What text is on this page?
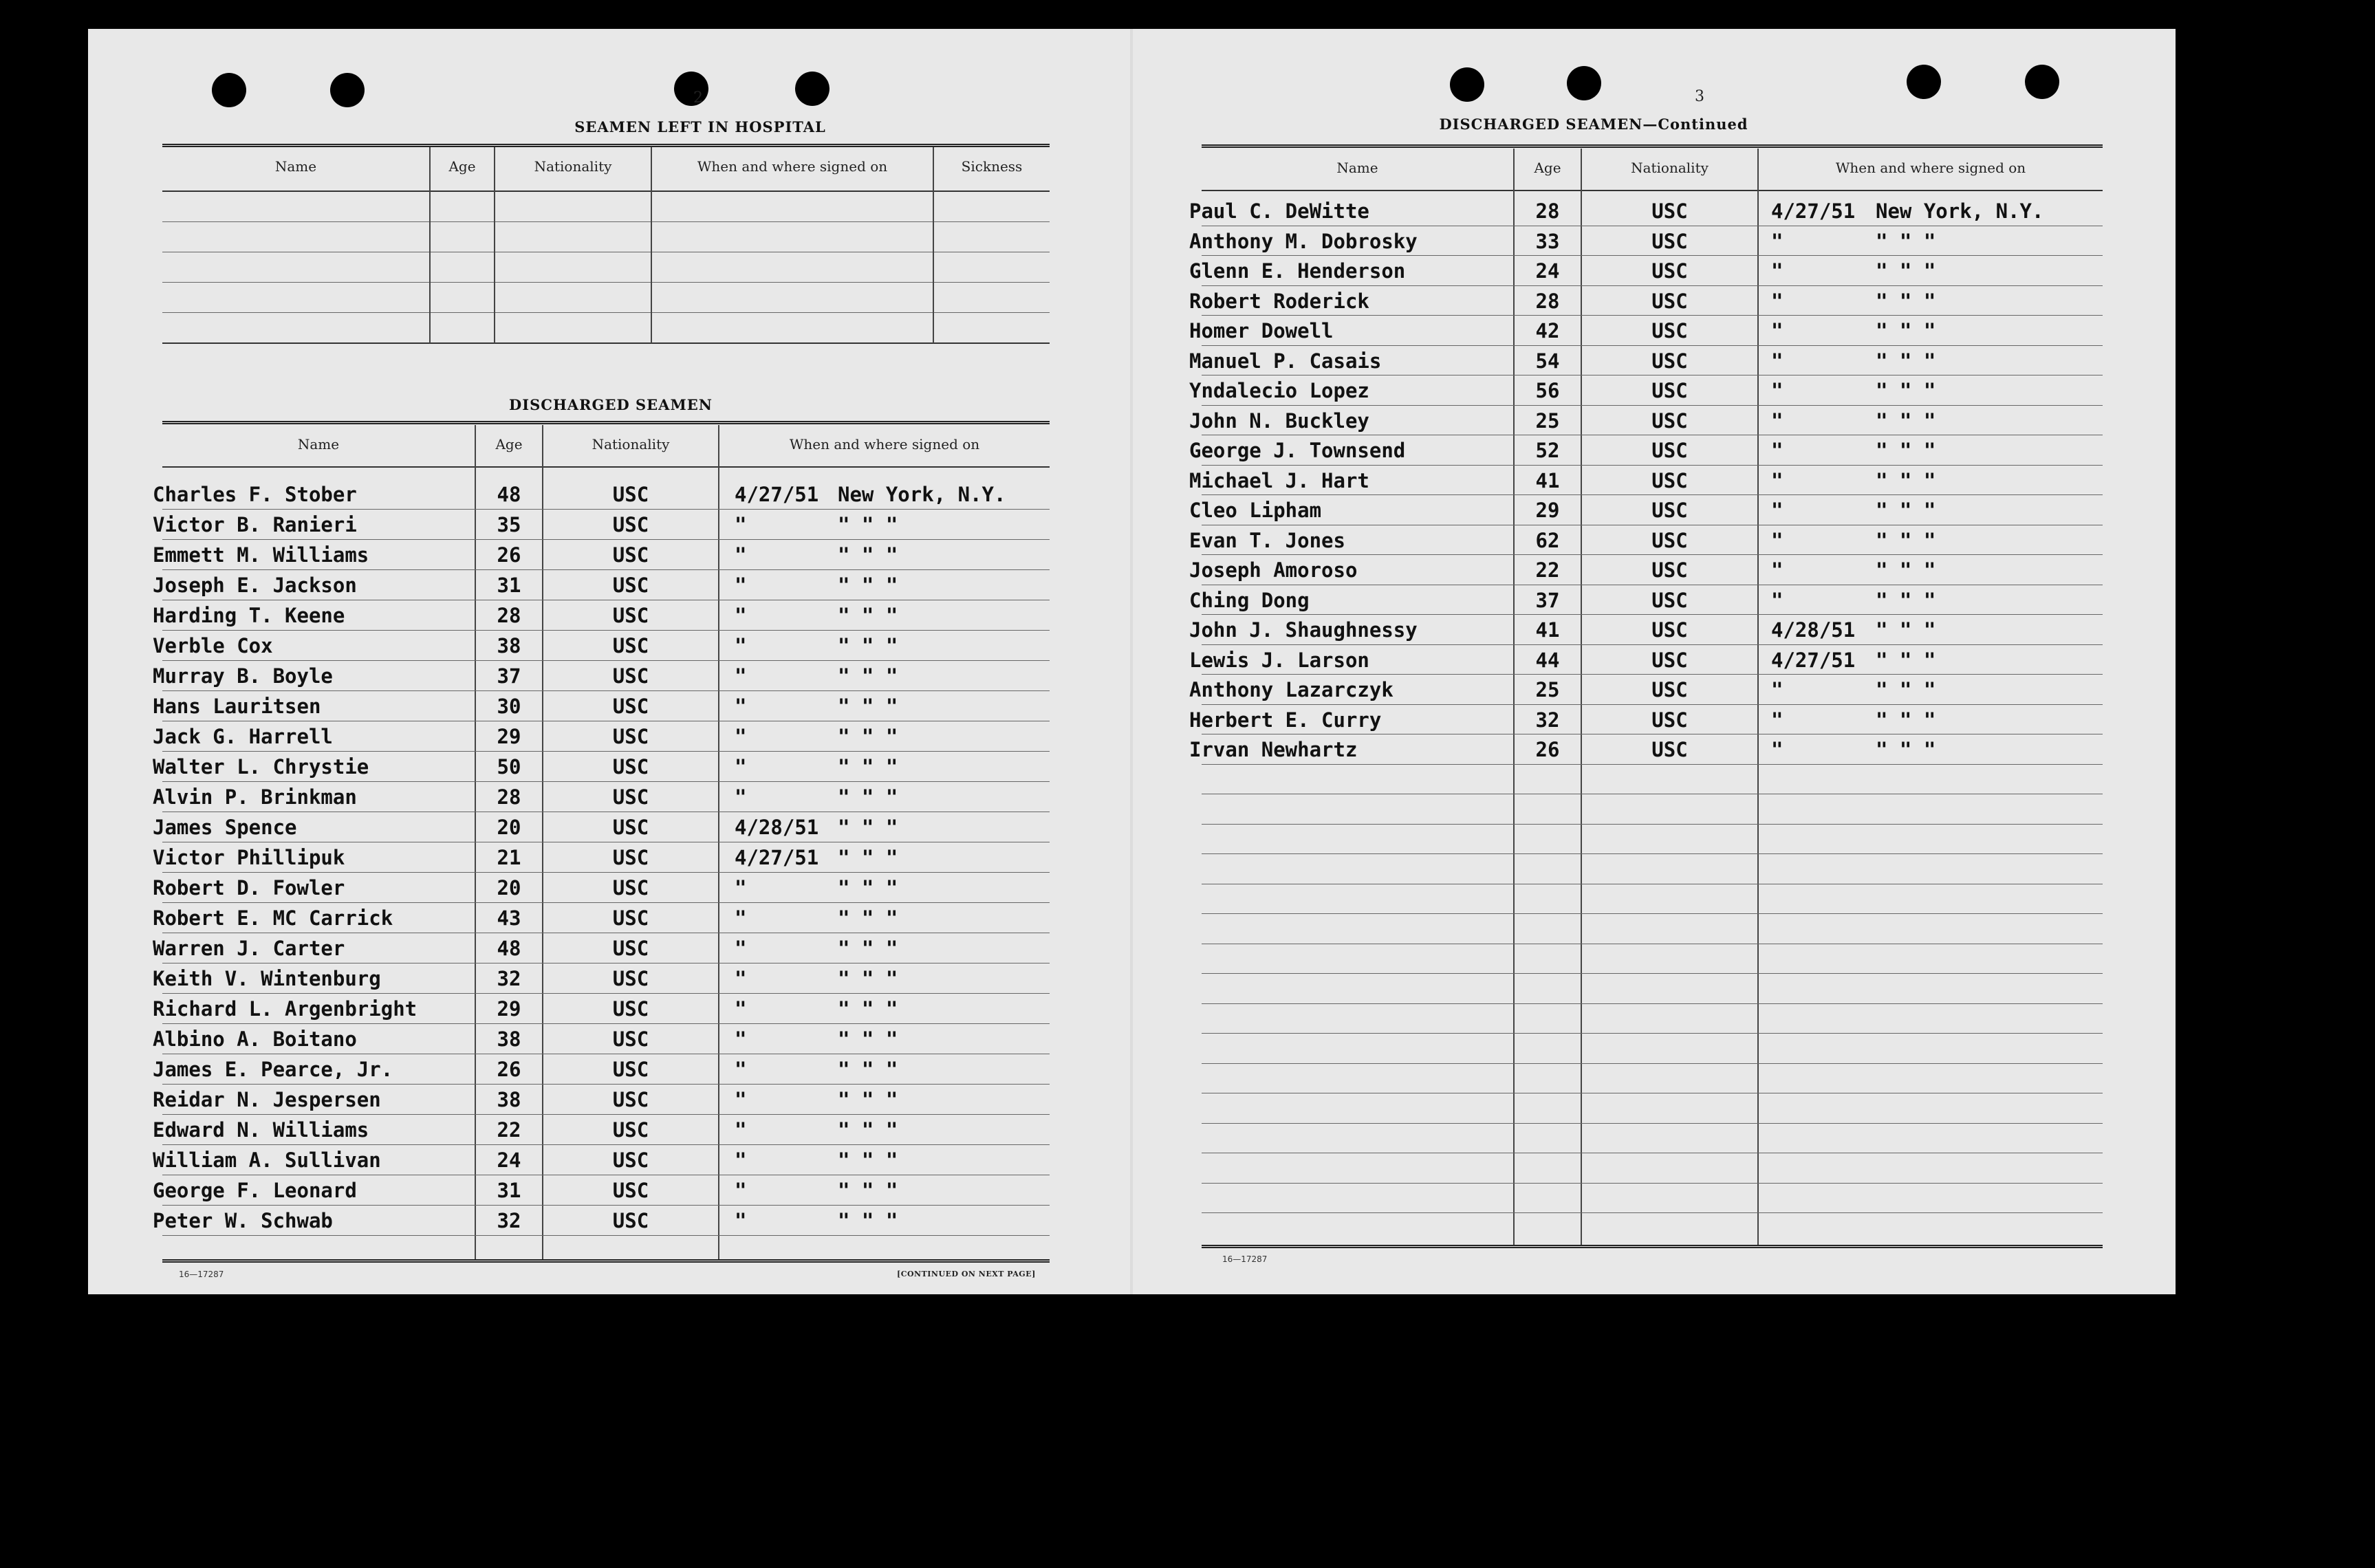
2
SEAMEN LEFT IN HOSPITAL
Name	Age	Nationality	When and where signed on	Sickness
DISCHARGED SEAMEN
Name	Age	Nationality	When and where signed on
Charles F. Stober	48	USC	4/27/51 New York, N.Y.
Victor B. Ranieri	35	USC	"	" " "
Emmett M. Williams	26	USC	"	" " "
Joseph E. Jackson	31	USC	"	" " "
Harding T. Keene	28	USC	"	" " "
Verble Cox	38	USC	"	" " "
Murray B. Boyle	37	USC	"	" " "
Hans Lauritsen	30	USC	"	" " "
Jack G. Harrell	29	USC	"	" " "
Walter L. Chrystie	50	USC	"	" " "
Alvin P. Brinkman	28	USC	"	" " "
James Spence	20	USC	4/28/51 " " "
Victor Phillipuk	21	USC	4/27/51 " " "
Robert D. Fowler	20	USC	"	" " "
Robert E. MC Carrick	43	USC	"	" " "
Warren J. Carter	48	USC	"	" " "
Keith V. Wintenburg	32	USC	"	" " "
Richard L. Argenbright	29	USC	"	" " "
Albino A. Boitano	38	USC	"	" " "
James E. Pearce, Jr.	26	USC	"	" " "
Reidar N. Jespersen	38	USC	"	" " "
Edward N. Williams	22	USC	"	" " "
William A. Sullivan	24	USC	"	" " "
George F. Leonard	31	USC	"	" " "
Peter W. Schwab	32	USC	"	" " "
16—17287	[CONTINUED ON NEXT PAGE]
3
DISCHARGED SEAMEN—Continued
Name	Age	Nationality	When and where signed on
Paul C. DeWitte	28	USC	4/27/51 New York, N.Y.
Anthony M. Dobrosky	33	USC	"	" " "
Glenn E. Henderson	24	USC	"	" " "
Robert Roderick	28	USC	"	" " "
Homer Dowell	42	USC	"	" " "
Manuel P. Casais	54	USC	"	" " "
Yndalecio Lopez	56	USC	"	" " "
John N. Buckley	25	USC	"	" " "
George J. Townsend	52	USC	"	" " "
Michael J. Hart	41	USC	"	" " "
Cleo Lipham	29	USC	"	" " "
Evan T. Jones	62	USC	"	" " "
Joseph Amoroso	22	USC	"	" " "
Ching Dong	37	USC	"	" " "
John J. Shaughnessy	41	USC	4/28/51 " " "
Lewis J. Larson	44	USC	4/27/51 " " "
Anthony Lazarczyk	25	USC	"	" " "
Herbert E. Curry	32	USC	"	" " "
Irvan Newhartz	26	USC	"	" " "
16—17287
